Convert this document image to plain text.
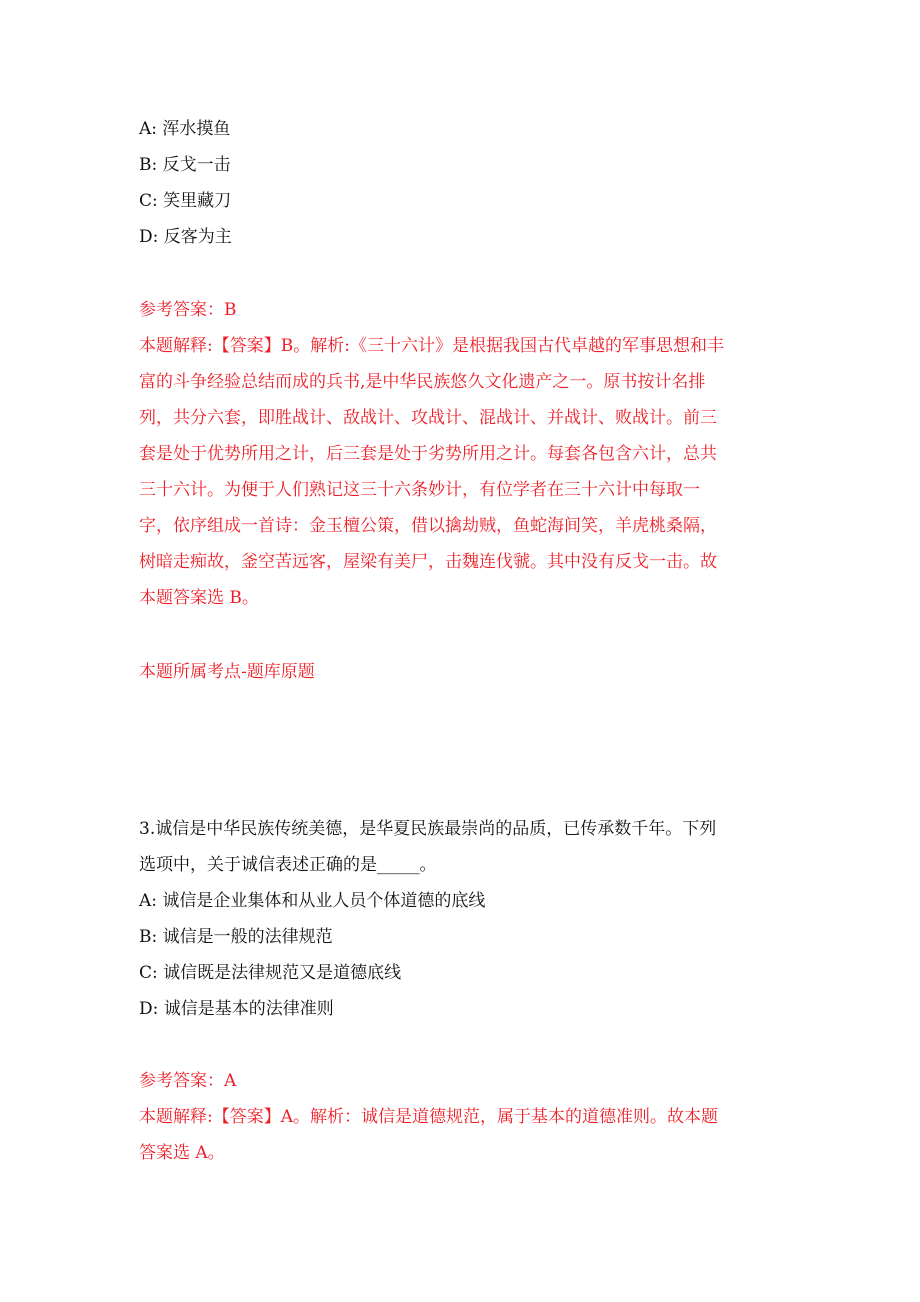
A: 浑水摸鱼
B: 反戈一击
C: 笑里藏刀
D: 反客为主
参考答案：B
本题解释:【答案】B。解析:《三十六计》是根据我国古代卓越的军事思想和丰
富的斗争经验总结而成的兵书,是中华民族悠久文化遗产之一。原书按计名排
列，共分六套，即胜战计、敌战计、攻战计、混战计、并战计、败战计。前三
套是处于优势所用之计，后三套是处于劣势所用之计。每套各包含六计，总共
三十六计。为便于人们熟记这三十六条妙计，有位学者在三十六计中每取一
字，依序组成一首诗：金玉檀公策，借以擒劫贼，鱼蛇海间笑，羊虎桃桑隔，
树暗走痴故，釜空苦远客，屋梁有美尸，击魏连伐虢。其中没有反戈一击。故
本题答案选 B。
本题所属考点-题库原题
3.诚信是中华民族传统美德，是华夏民族最崇尚的品质，已传承数千年。下列
选项中，关于诚信表述正确的是_____。
A: 诚信是企业集体和从业人员个体道德的底线
B: 诚信是一般的法律规范
C: 诚信既是法律规范又是道德底线
D: 诚信是基本的法律准则
参考答案：A
本题解释:【答案】A。解析：诚信是道德规范，属于基本的道德准则。故本题
答案选 A。
